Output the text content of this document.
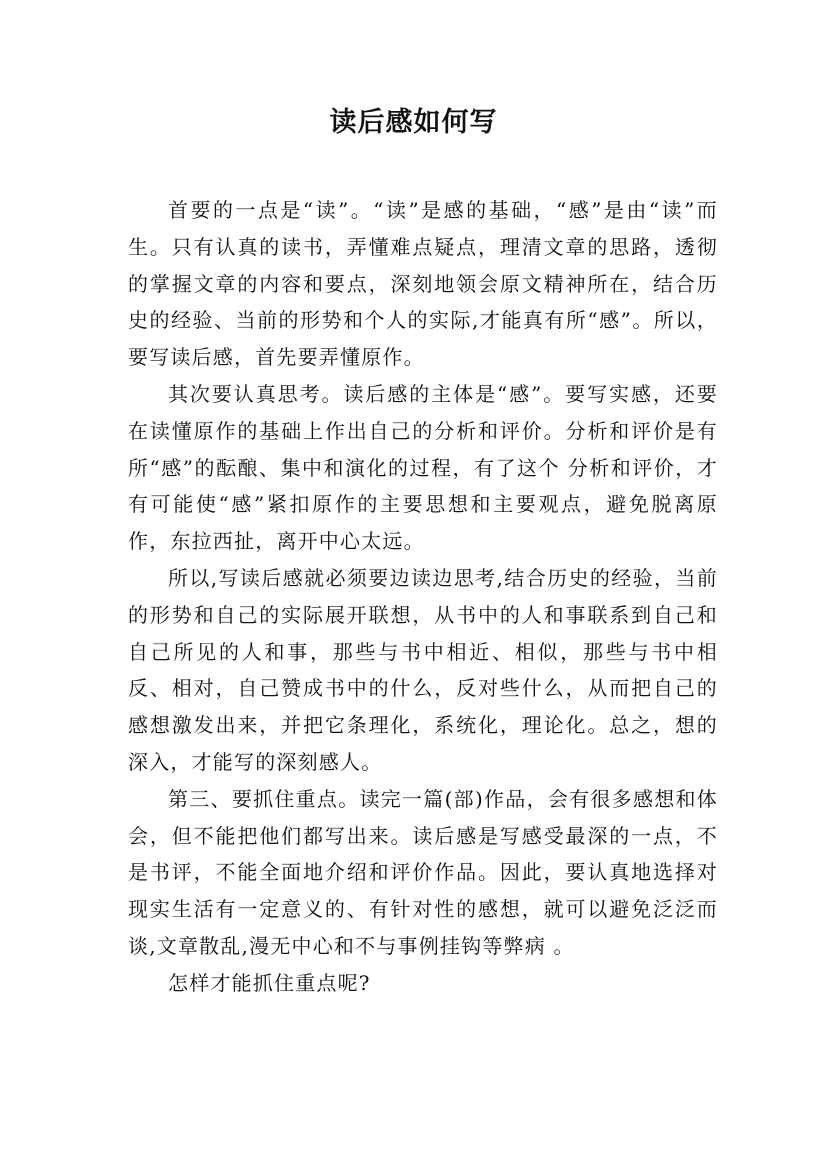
读后感如何写

首要的一点是“读”。“读”是感的基础，“感”是由“读”而生。只有认真的读书，弄懂难点疑点，理清文章的思路，透彻的掌握文章的内容和要点，深刻地领会原文精神所在，结合历史的经验、当前的形势和个人的实际,才能真有所“感”。所以，要写读后感，首先要弄懂原作。

其次要认真思考。读后感的主体是“感”。要写实感，还要在读懂原作的基础上作出自己的分析和评价。分析和评价是有所“感”的酝酿、集中和演化的过程，有了这个 分析和评价，才有可能使“感”紧扣原作的主要思想和主要观点，避免脱离原作，东拉西扯，离开中心太远。

所以,写读后感就必须要边读边思考,结合历史的经验，当前的形势和自己的实际展开联想，从书中的人和事联系到自己和自己所见的人和事，那些与书中相近、相似，那些与书中相反、相对，自己赞成书中的什么，反对些什么，从而把自己的感想激发出来，并把它条理化，系统化，理论化。总之，想的深入，才能写的深刻感人。

第三、要抓住重点。读完一篇(部)作品，会有很多感想和体会，但不能把他们都写出来。读后感是写感受最深的一点，不是书评，不能全面地介绍和评价作品。因此，要认真地选择对现实生活有一定意义的、有针对性的感想，就可以避免泛泛而谈,文章散乱,漫无中心和不与事例挂钩等弊病 。

怎样才能抓住重点呢?
